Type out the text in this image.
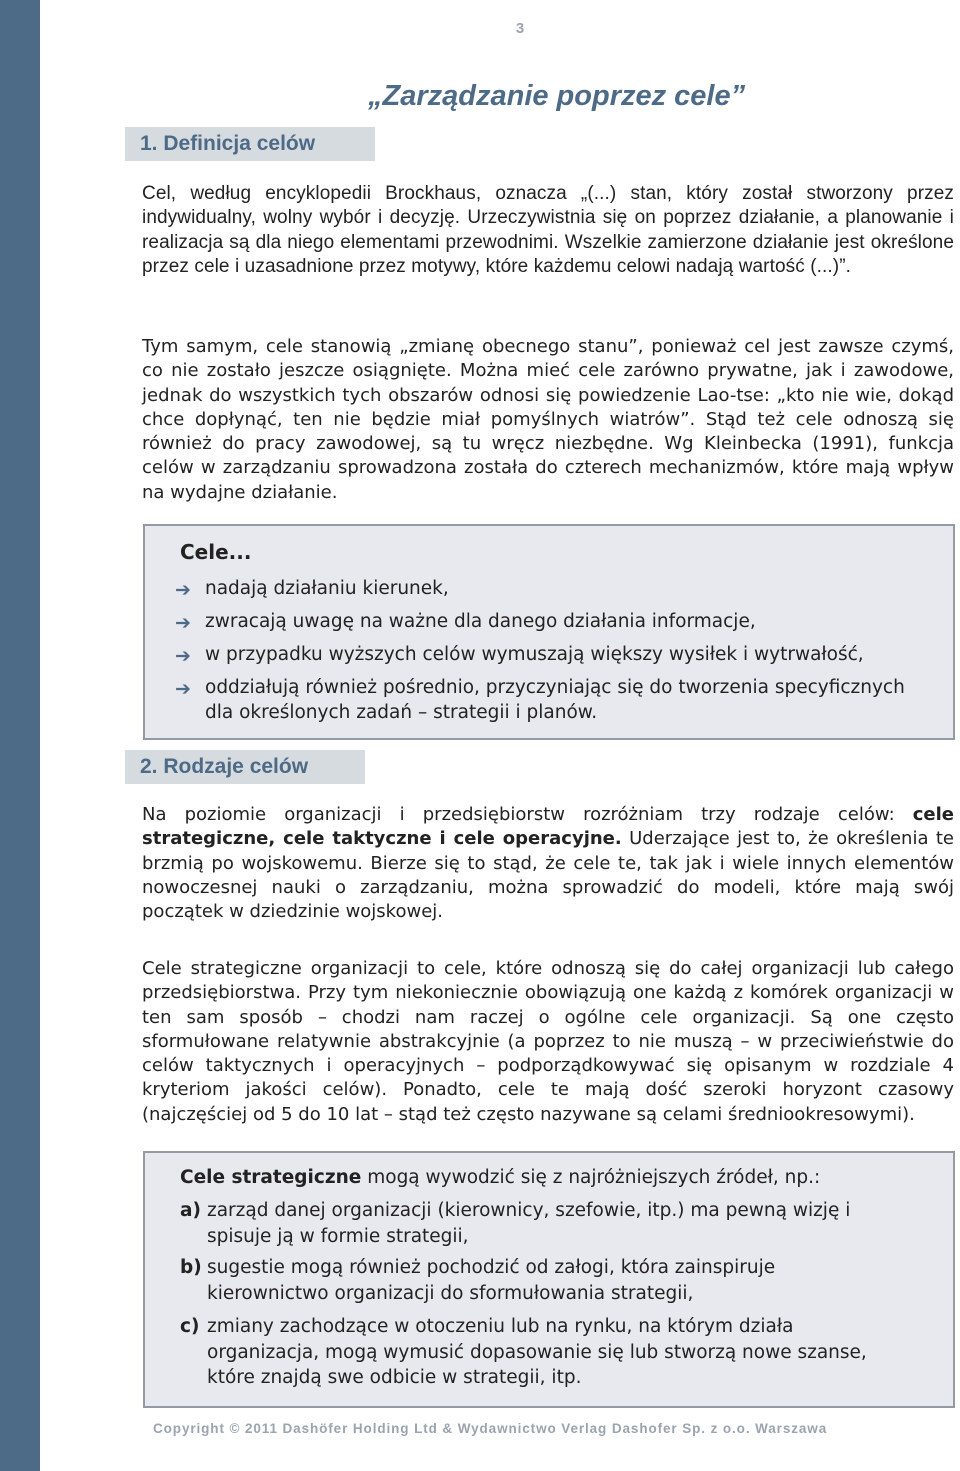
3
„Zarządzanie poprzez cele”
1. Definicja celów

Cel, według encyklopedii Brockhaus, oznacza „(...) stan, który został stworzony przez indywidualny, wolny wybór i decyzję. Urzeczywistnia się on poprzez działanie, a planowanie i realizacja są dla niego elementami przewodnimi. Wszelkie zamierzone działanie jest określone przez cele i uzasadnione przez motywy, które każdemu celowi nadają wartość (...)”.

Tym samym, cele stanowią „zmianę obecnego stanu”, ponieważ cel jest zawsze czymś, co nie zostało jeszcze osiągnięte. Można mieć cele zarówno prywatne, jak i zawodowe, jednak do wszystkich tych obszarów odnosi się powiedzenie Lao-tse: „kto nie wie, dokąd chce dopłynąć, ten nie będzie miał pomyślnych wiatrów”. Stąd też cele odnoszą się również do pracy zawodowej, są tu wręcz niezbędne. Wg Kleinbecka (1991), funkcja celów w zarządzaniu sprowadzona została do czterech mechanizmów, które mają wpływ na wydajne działanie.

Cele...
➔ nadają działaniu kierunek,
➔ zwracają uwagę na ważne dla danego działania informacje,
➔ w przypadku wyższych celów wymuszają większy wysiłek i wytrwałość,
➔ oddziałują również pośrednio, przyczyniając się do tworzenia specyficznych dla określonych zadań – strategii i planów.
2. Rodzaje celów

Na poziomie organizacji i przedsiębiorstw rozróżniam trzy rodzaje celów: cele strategiczne, cele taktyczne i cele operacyjne. Uderzające jest to, że określenia te brzmią po wojskowemu. Bierze się to stąd, że cele te, tak jak i wiele innych elementów nowoczesnej nauki o zarządzaniu, można sprowadzić do modeli, które mają swój początek w dziedzinie wojskowej.

Cele strategiczne organizacji to cele, które odnoszą się do całej organizacji lub całego przedsiębiorstwa. Przy tym niekoniecznie obowiązują one każdą z komórek organizacji w ten sam sposób – chodzi nam raczej o ogólne cele organizacji. Są one często sformułowane relatywnie abstrakcyjnie (a poprzez to nie muszą – w przeciwieństwie do celów taktycznych i operacyjnych – podporządkowywać się opisanym w rozdziale 4 kryteriom jakości celów). Ponadto, cele te mają dość szeroki horyzont czasowy (najczęściej od 5 do 10 lat – stąd też często nazywane są celami średniookresowymi).

Cele strategiczne mogą wywodzić się z najróżniejszych źródeł, np.:
a) zarząd danej organizacji (kierownicy, szefowie, itp.) ma pewną wizję i spisuje ją w formie strategii,
b) sugestie mogą również pochodzić od załogi, która zainspiruje kierownictwo organizacji do sformułowania strategii,
c) zmiany zachodzące w otoczeniu lub na rynku, na którym działa organizacja, mogą wymusić dopasowanie się lub stworzą nowe szanse, które znajdą swe odbicie w strategii, itp.
Copyright © 2011 Dashöfer Holding Ltd & Wydawnictwo Verlag Dashofer Sp. z o.o. Warszawa
